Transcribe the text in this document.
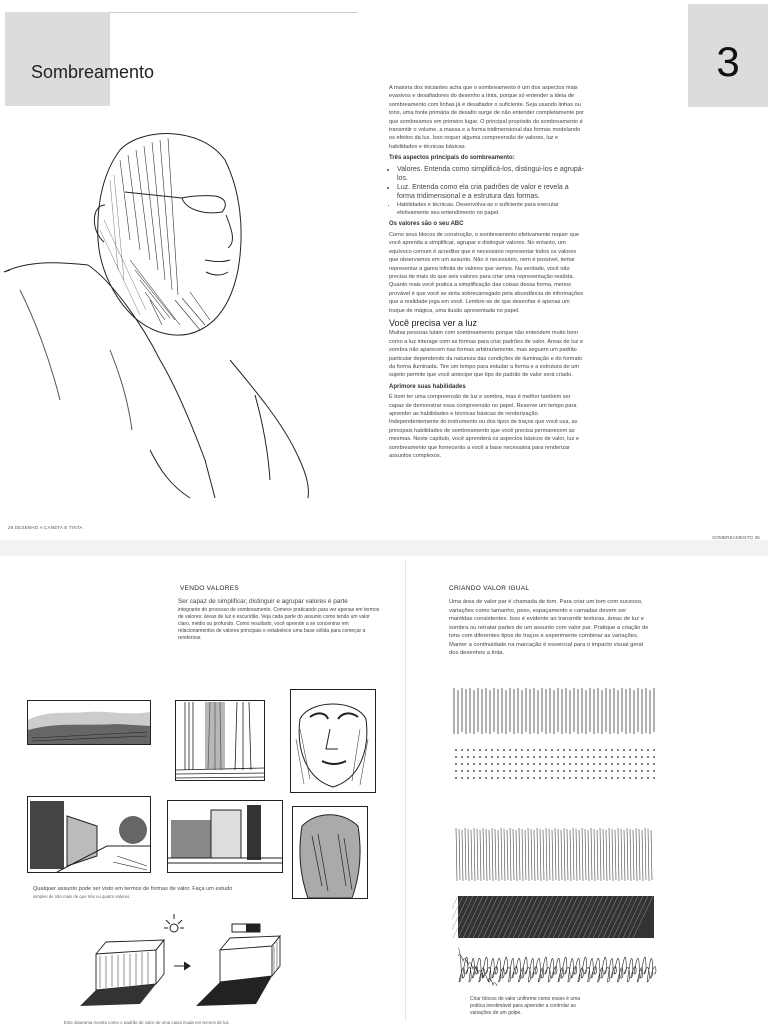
Sombreamento	3

A maioria dos iniciantes acha que o sombreamento é um dos aspectos mais evasivos e desafiadores do desenho a tinta, porque só entender a ideia de sombreamento com linhas já é desafiador o suficiente. Seja usando linhas ou tons, uma fonte primária de desafio surge de não entender completamente por que sombreamos em primeiro lugar. O principal propósito do sombreamento é transmitir o volume, a massa e a forma tridimensional das formas modelando os efeitos da luz. Isso requer alguma compreensão de valores, luz e habilidades e técnicas básicas.

Três aspectos principais do sombreamento:
• Valores. Entenda como simplificá-los, distingui-los e agrupá-los.
• Luz. Entenda como ela cria padrões de valor e revela a forma tridimensional e a estrutura das formas.
• Habilidades e técnicas. Desenvolva-as o suficiente para executar efetivamente seu entendimento no papel.
Os valores são o seu ABC

Como seus blocos de construção, o sombreamento efetivamente requer que você aprenda a simplificar, agrupar e distinguir valores. No entanto, um equívoco comum é acreditar que é necessário representar todos os valores que observamos em um assunto. Não é necessário, nem é possível, tentar representar a gama infinita de valores que vemos. Na verdade, você não precisa de mais do que seis valores para criar uma representação realista. Quanto mais você pratica a simplificação das coisas dessa forma, menos provável é que você se sinta sobrecarregado pela abundância de informações que a realidade joga em você. Lembre-se de que desenhar é apenas um truque de mágica, uma ilusão apresentada no papel.

Você precisa ver a luz

Muitas pessoas lutam com sombreamento porque não entendem muito bem como a luz interage com as formas para criar padrões de valor. Áreas de luz e sombra não aparecem nas formas arbitrariamente, mas seguem um padrão particular dependendo da natureza das condições de iluminação e do formato da forma iluminada. Tire um tempo para estudar a forma e a estrutura de um sujeito permite que você antecipe que tipo de padrão de valor será criado.

Aprimore suas habilidades

É bom ter uma compreensão de luz e sombra, mas é melhor também ser capaz de demonstrar essa compreensão no papel. Reserve um tempo para aprender as habilidades e técnicas básicas de renderização. Independentemente do instrumento ou dos tipos de traços que você usa, as principais habilidades de sombreamento que você precisa permanecem as mesmas. Neste capítulo, você aprenderá os aspectos básicos de valor, luz e sombreamento que fornecerão a você a base necessária para renderizar assuntos complexos.

26 DESENHO A CANETA E TINTA
SOMBREAMENTO 35
VENDO VALORES
Ser capaz de simplificar, distinguir e agrupar valores é parte
integrante do processo de sombreamento. Comece praticando para ver apenas em termos de valores: áreas de luz e escuridão. Veja cada parte do assunto como tendo um valor claro, médio ou profundo. Como resultado, você aprende a se concentrar em relacionamentos de valores principais e estabelece uma base sólida para começar a renderizar.
Qualquer assunto pode ser visto em termos de formas de valor. Faça um estudo
simples de não mais de que três ou quatro valores.
Este diagrama mostra como o padrão de valor de uma caixa muda em termos de luz.
CRIANDO VALOR IGUAL
Uma área de valor par é chamada de tom. Para criar um tom com sucesso, variações como tamanho, peso, espaçamento e camadas devem ser mantidas consistentes. Isso é evidente ao transmitir texturas, áreas de luz e sombra ou retratar partes de um assunto com valor par. Pratique a criação de tons com diferentes tipos de traços e experimente combinar as variações. Manter a continuidade na marcação é essencial para o impacto visual geral dos desenhos a tinta.
Criar blocos de valor uniforme como esses é uma prática inestimável para aprender a controlar as variações de um golpe.
